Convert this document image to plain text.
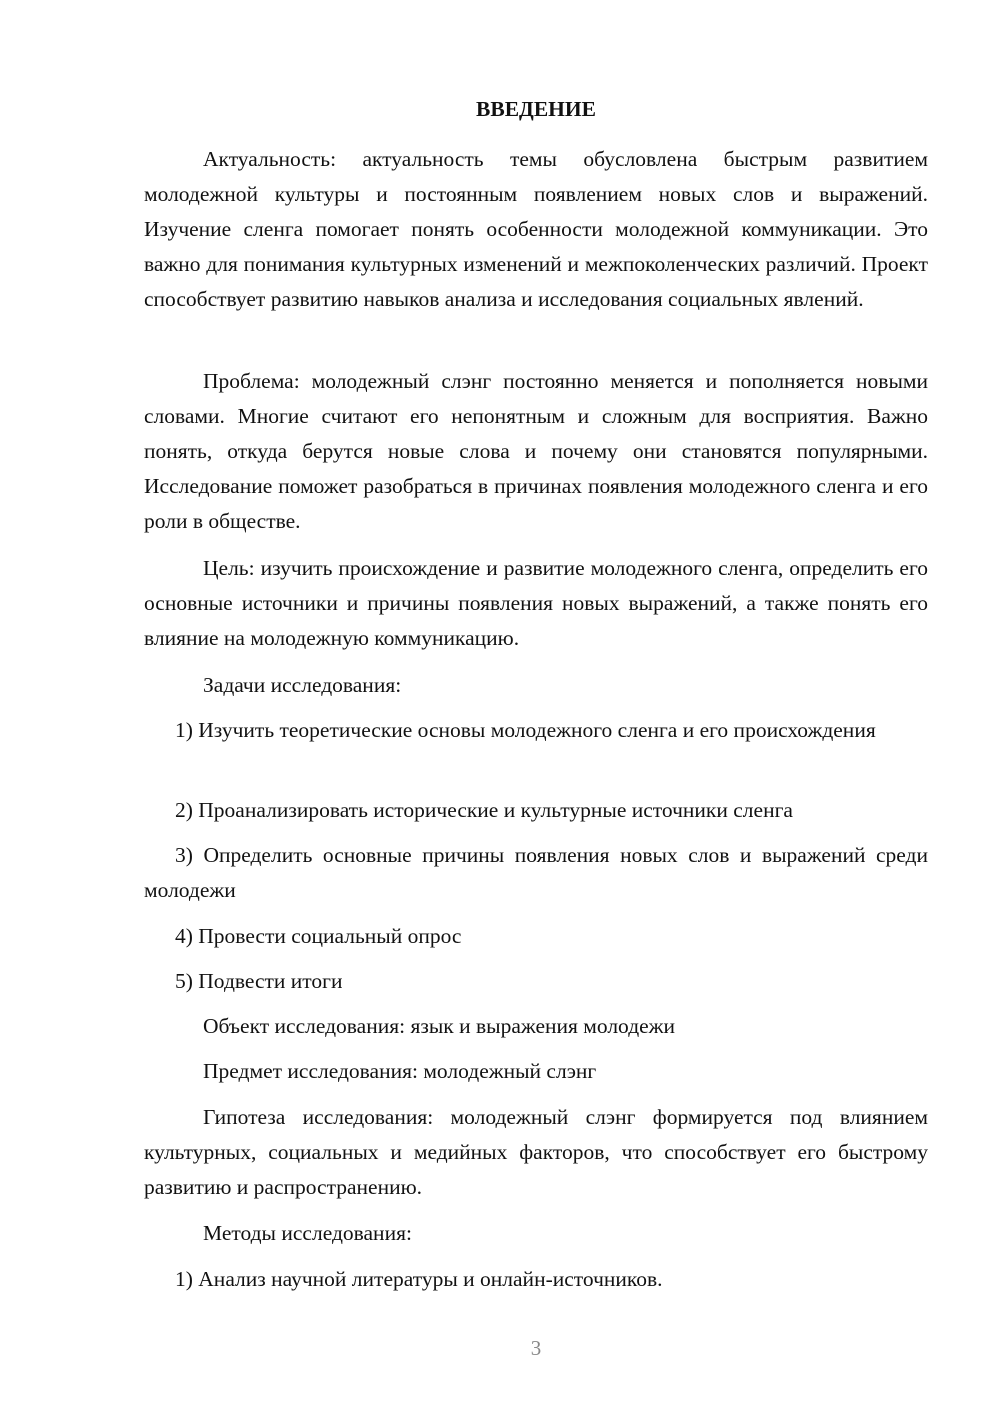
ВВЕДЕНИЕ

Актуальность: актуальность темы обусловлена быстрым развитием молодежной культуры и постоянным появлением новых слов и выражений. Изучение сленга помогает понять особенности молодежной коммуникации. Это важно для понимания культурных изменений и межпоколенческих различий. Проект способствует развитию навыков анализа и исследования социальных явлений.

Проблема: молодежный слэнг постоянно меняется и пополняется новыми словами. Многие считают его непонятным и сложным для восприятия. Важно понять, откуда берутся новые слова и почему они становятся популярными. Исследование поможет разобраться в причинах появления молодежного сленга и его роли в обществе.

Цель: изучить происхождение и развитие молодежного сленга, определить его основные источники и причины появления новых выражений, а также понять его влияние на молодежную коммуникацию.

Задачи исследования:

1) Изучить теоретические основы молодежного сленга и его происхождения

2) Проанализировать исторические и культурные источники сленга

3) Определить основные причины появления новых слов и выражений среди молодежи

4) Провести социальный опрос

5) Подвести итоги

Объект исследования: язык и выражения молодежи

Предмет исследования: молодежный слэнг

Гипотеза исследования: молодежный слэнг формируется под влиянием культурных, социальных и медийных факторов, что способствует его быстрому развитию и распространению.

Методы исследования:

1) Анализ научной литературы и онлайн-источников.

3
